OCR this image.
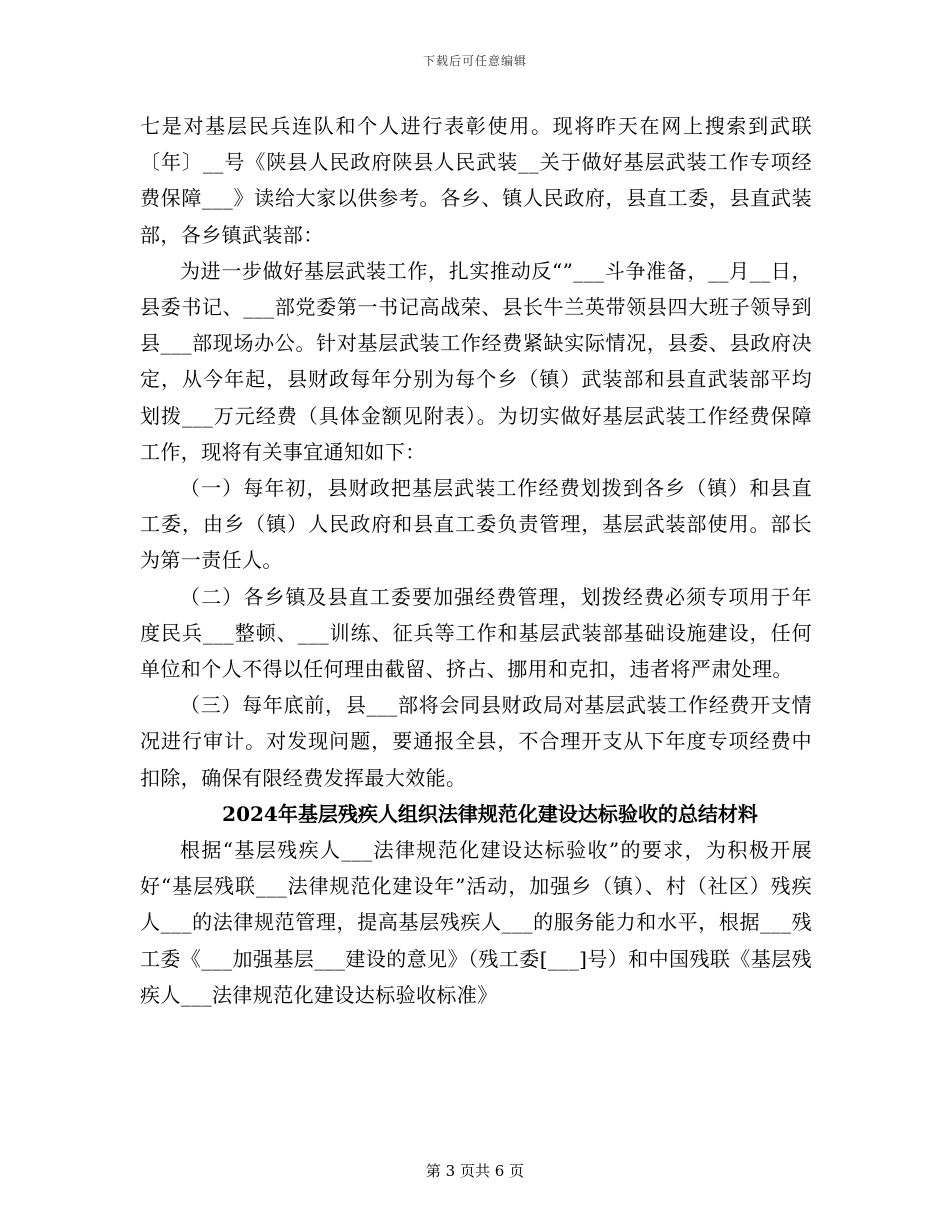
下载后可任意编辑

七是对基层民兵连队和个人进行表彰使用。现将昨天在网上搜索到武联〔年〕__号《陕县人民政府陕县人民武装__关于做好基层武装工作专项经费保障___》读给大家以供参考。各乡、镇人民政府，县直工委，县直武装部，各乡镇武装部：

为进一步做好基层武装工作，扎实推动反“”___斗争准备，__月__日，县委书记、___部党委第一书记高战荣、县长牛兰英带领县四大班子领导到县___部现场办公。针对基层武装工作经费紧缺实际情况，县委、县政府决定，从今年起，县财政每年分别为每个乡（镇）武装部和县直武装部平均划拨___万元经费（具体金额见附表）。为切实做好基层武装工作经费保障工作，现将有关事宜通知如下：

（一）每年初，县财政把基层武装工作经费划拨到各乡（镇）和县直工委，由乡（镇）人民政府和县直工委负责管理，基层武装部使用。部长为第一责任人。

（二）各乡镇及县直工委要加强经费管理，划拨经费必须专项用于年度民兵___整顿、___训练、征兵等工作和基层武装部基础设施建设，任何单位和个人不得以任何理由截留、挤占、挪用和克扣，违者将严肃处理。

（三）每年底前，县___部将会同县财政局对基层武装工作经费开支情况进行审计。对发现问题，要通报全县，不合理开支从下年度专项经费中扣除，确保有限经费发挥最大效能。

2024年基层残疾人组织法律规范化建设达标验收的总结材料

根据“基层残疾人___法律规范化建设达标验收”的要求，为积极开展好“基层残联___法律规范化建设年”活动，加强乡（镇）、村（社区）残疾人___的法律规范管理，提高基层残疾人___的服务能力和水平，根据___残工委《___加强基层___建设的意见》（残工委[___]号）和中国残联《基层残疾人___法律规范化建设达标验收标准》

第 3 页共 6 页
